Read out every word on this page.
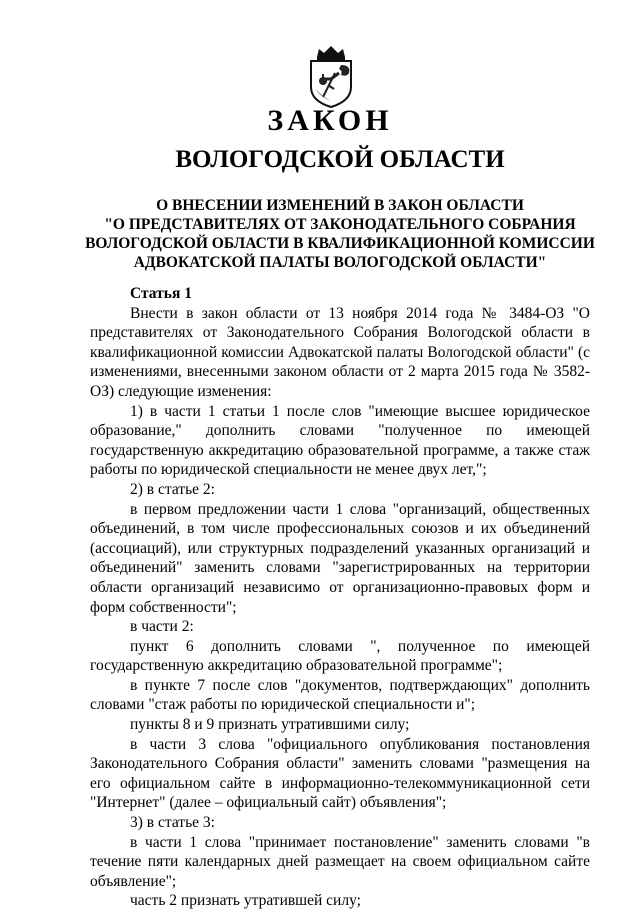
ЗАКОН
ВОЛОГОДСКОЙ ОБЛАСТИ
О ВНЕСЕНИИ ИЗМЕНЕНИЙ В ЗАКОН ОБЛАСТИ
"О ПРЕДСТАВИТЕЛЯХ ОТ ЗАКОНОДАТЕЛЬНОГО СОБРАНИЯ
ВОЛОГОДСКОЙ ОБЛАСТИ В КВАЛИФИКАЦИОННОЙ КОМИССИИ
АДВОКАТСКОЙ ПАЛАТЫ ВОЛОГОДСКОЙ ОБЛАСТИ"

Статья 1

Внести в закон области от 13 ноября 2014 года № 3484-ОЗ "О представителях от Законодательного Собрания Вологодской области в квалификационной комиссии Адвокатской палаты Вологодской области" (с изменениями, внесенными законом области от 2 марта 2015 года № 3582-ОЗ) следующие изменения:

1) в части 1 статьи 1 после слов "имеющие высшее юридическое образование," дополнить словами "полученное по имеющей государственную аккредитацию образовательной программе, а также стаж работы по юридической специальности не менее двух лет,";

2) в статье 2:

в первом предложении части 1 слова "организаций, общественных объединений, в том числе профессиональных союзов и их объединений (ассоциаций), или структурных подразделений указанных организаций и объединений" заменить словами "зарегистрированных на территории области организаций независимо от организационно-правовых форм и форм собственности";

в части 2:

пункт 6 дополнить словами ", полученное по имеющей государственную аккредитацию образовательной программе";

в пункте 7 после слов "документов, подтверждающих" дополнить словами "стаж работы по юридической специальности и";

пункты 8 и 9 признать утратившими силу;

в части 3 слова "официального опубликования постановления Законодательного Собрания области" заменить словами "размещения на его официальном сайте в информационно-телекоммуникационной сети "Интернет" (далее – официальный сайт) объявления";

3) в статье 3:

в части 1 слова "принимает постановление" заменить словами "в течение пяти календарных дней размещает на своем официальном сайте объявление";

часть 2 признать утратившей силу;
